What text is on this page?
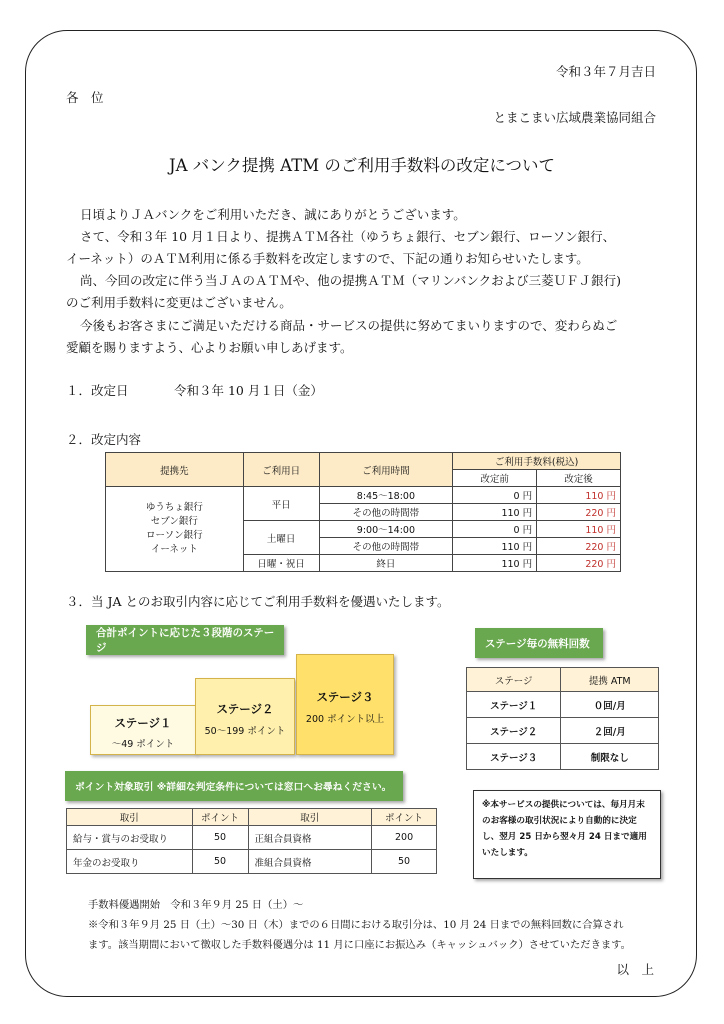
令和３年７月吉日
各　位
とまこまい広域農業協同組合
JA バンク提携 ATM のご利用手数料の改定について

日頃よりＪＡバンクをご利用いただき、誠にありがとうございます。

さて、令和３年 10 月１日より、提携ＡＴＭ各社（ゆうちょ銀行、セブン銀行、ローソン銀行、

イーネット）のＡＴＭ利用に係る手数料を改定しますので、下記の通りお知らせいたします。

尚、今回の改定に伴う当ＪＡのＡＴＭや、他の提携ＡＴＭ（マリンバンクおよび三菱ＵＦＪ銀行)

のご利用手数料に変更はございません。

今後もお客さまにご満足いただける商品・サービスの提供に努めてまいりますので、変わらぬご

愛顧を賜りますよう、心よりお願い申しあげます。

１．改定日	令和３年 10 月１日（金）
２．改定内容
提携先	ご利用日	ご利用時間	ご利用手数料(税込)	
			改定前	改定後

ゆうちょ銀行
セブン銀行
ローソン銀行
イーネット	平日	8:45～18:00	0 円	110 円
		その他の時間帯	110 円	220 円
	土曜日	9:00～14:00	0 円	110 円
		その他の時間帯	110 円	220 円
	日曜・祝日	終日	110 円	220 円
３．当 JA とのお取引内容に応じてご利用手数料を優遇いたします。
合計ポイントに応じた３段階のステージ
ステージ１
～49 ポイント
ステージ２
50～199 ポイント
ステージ３
200 ポイント以上
ステージ毎の無料回数
ステージ	提携 ATM
ステージ１	０回/月
ステージ２	２回/月
ステージ３	制限なし
ポイント対象取引 ※詳細な判定条件については窓口へお尋ねください。
取引	ポイント	取引	ポイント
給与・賞与のお受取り	50	正組合員資格	200
年金のお受取り	50	准組合員資格	50
※本サービスの提供については、毎月月末
のお客様の取引状況により自動的に決定
し、翌月 25 日から翌々月 24 日まで適用
いたします。
手数料優遇開始　令和３年９月 25 日（土）～
※令和３年９月 25 日（土）～30 日（木）までの６日間における取引分は、10 月 24 日までの無料回数に合算され
ます。該当期間において徴収した手数料優遇分は 11 月に口座にお振込み（キャッシュバック）させていただきます。
以　上
